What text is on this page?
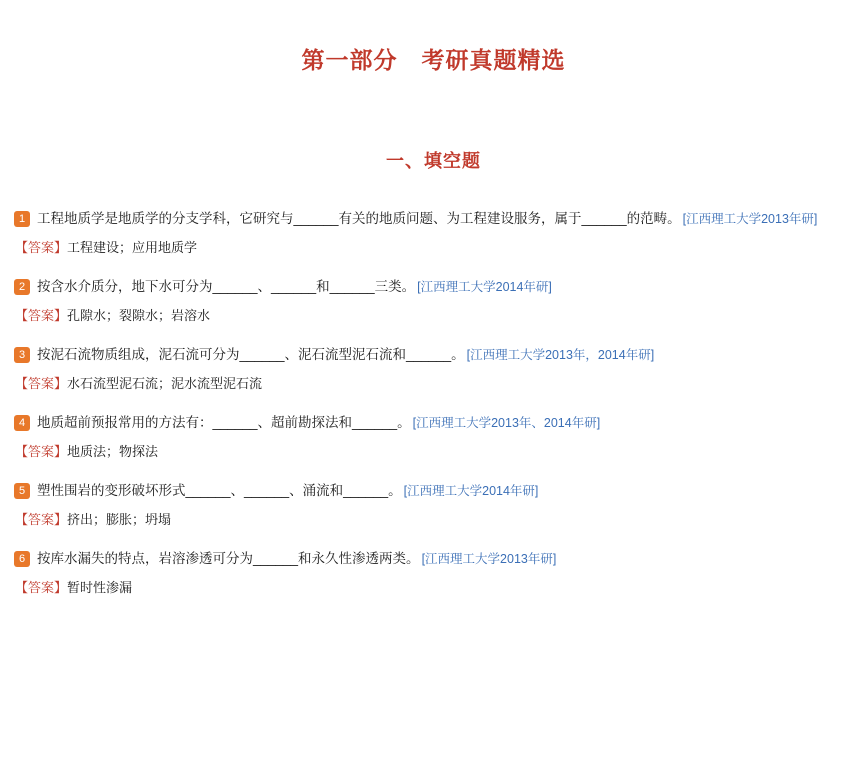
第一部分　考研真题精选
一、填空题
1 工程地质学是地质学的分支学科，它研究与______有关的地质问题、为工程建设服务，属于______的范畴。 [江西理工大学2013年研]
【答案】工程建设；应用地质学
2 按含水介质分，地下水可分为______、______和______三类。 [江西理工大学2014年研]
【答案】孔隙水；裂隙水；岩溶水
3 按泥石流物质组成，泥石流可分为______、泥石流型泥石流和______。 [江西理工大学2013年，2014年研]
【答案】水石流型泥石流；泥水流型泥石流
4 地质超前预报常用的方法有：______、超前勘探法和______。 [江西理工大学2013年、2014年研]
【答案】地质法；物探法
5 塑性围岩的变形破坏形式______、______、涌流和______。 [江西理工大学2014年研]
【答案】挤出；膨胀；坍塌
6 按库水漏失的特点，岩溶渗透可分为______和永久性渗透两类。 [江西理工大学2013年研]
【答案】暂时性渗漏
